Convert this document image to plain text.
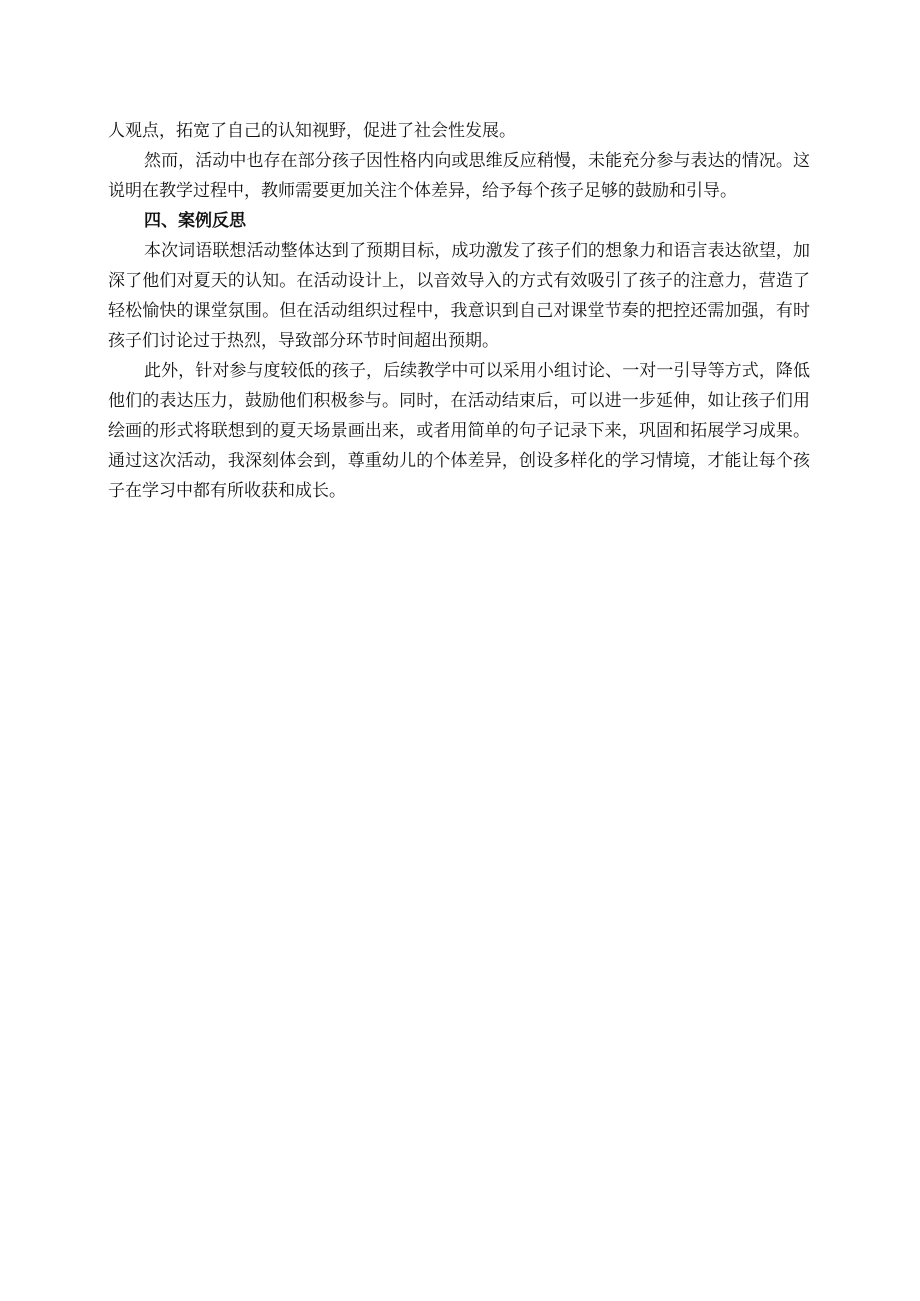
人观点，拓宽了自己的认知视野，促进了社会性发展。

然而，活动中也存在部分孩子因性格内向或思维反应稍慢，未能充分参与表达的情况。这说明在教学过程中，教师需要更加关注个体差异，给予每个孩子足够的鼓励和引导。

四、案例反思

本次词语联想活动整体达到了预期目标，成功激发了孩子们的想象力和语言表达欲望，加深了他们对夏天的认知。在活动设计上，以音效导入的方式有效吸引了孩子的注意力，营造了轻松愉快的课堂氛围。但在活动组织过程中，我意识到自己对课堂节奏的把控还需加强，有时孩子们讨论过于热烈，导致部分环节时间超出预期。

此外，针对参与度较低的孩子，后续教学中可以采用小组讨论、一对一引导等方式，降低他们的表达压力，鼓励他们积极参与。同时，在活动结束后，可以进一步延伸，如让孩子们用绘画的形式将联想到的夏天场景画出来，或者用简单的句子记录下来，巩固和拓展学习成果。通过这次活动，我深刻体会到，尊重幼儿的个体差异，创设多样化的学习情境，才能让每个孩子在学习中都有所收获和成长。
